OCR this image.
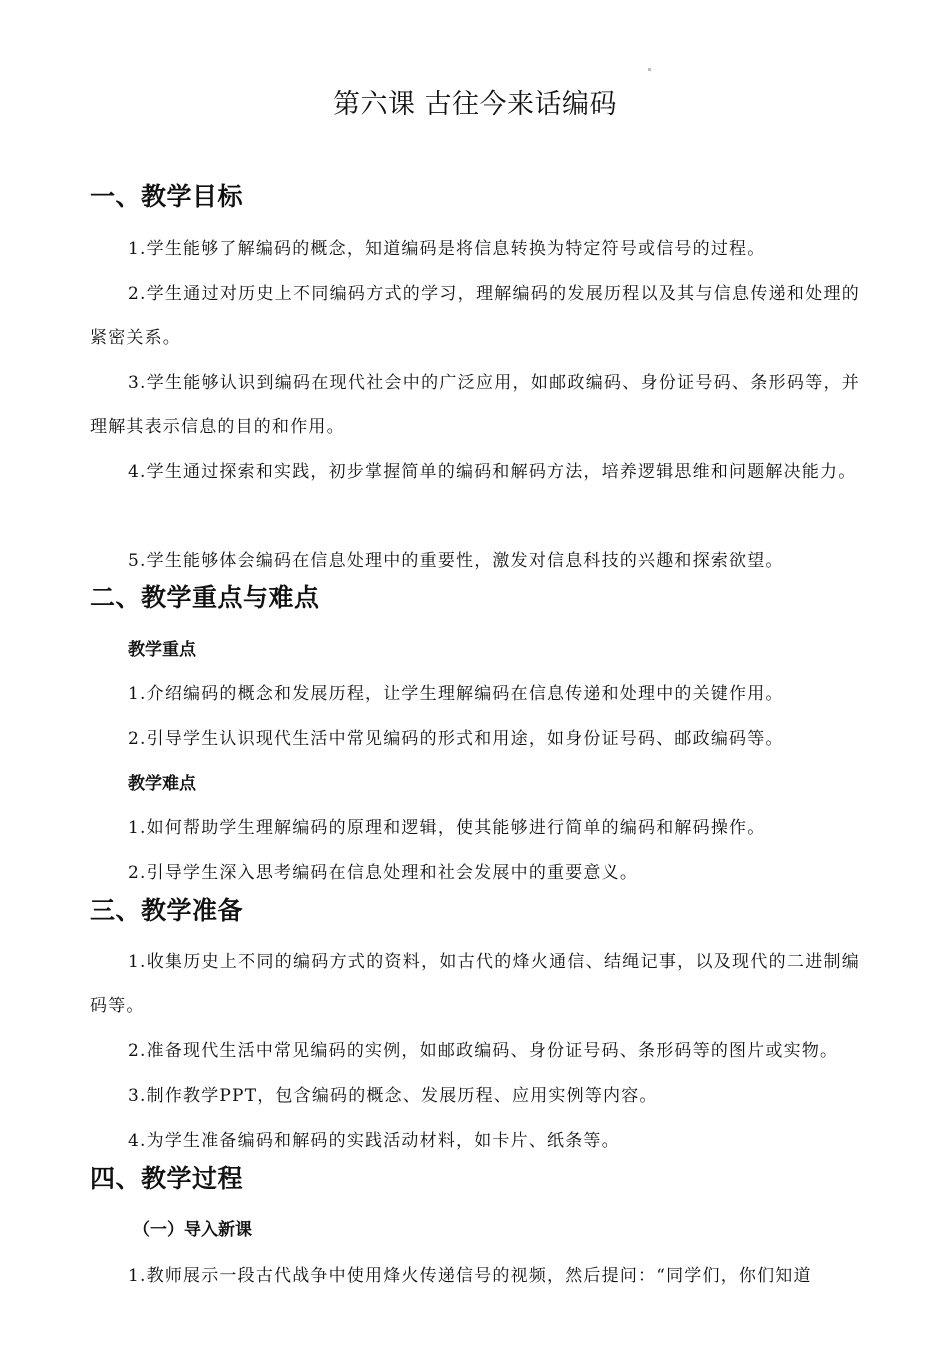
第六课 古往今来话编码
一、教学目标
1.学生能够了解编码的概念，知道编码是将信息转换为特定符号或信号的过程。
2.学生通过对历史上不同编码方式的学习，理解编码的发展历程以及其与信息传递和处理的紧密关系。
3.学生能够认识到编码在现代社会中的广泛应用，如邮政编码、身份证号码、条形码等，并理解其表示信息的目的和作用。
4.学生通过探索和实践，初步掌握简单的编码和解码方法，培养逻辑思维和问题解决能力。
5.学生能够体会编码在信息处理中的重要性，激发对信息科技的兴趣和探索欲望。
二、教学重点与难点
教学重点
1.介绍编码的概念和发展历程，让学生理解编码在信息传递和处理中的关键作用。
2.引导学生认识现代生活中常见编码的形式和用途，如身份证号码、邮政编码等。
教学难点
1.如何帮助学生理解编码的原理和逻辑，使其能够进行简单的编码和解码操作。
2.引导学生深入思考编码在信息处理和社会发展中的重要意义。
三、教学准备
1.收集历史上不同的编码方式的资料，如古代的烽火通信、结绳记事，以及现代的二进制编码等。
2.准备现代生活中常见编码的实例，如邮政编码、身份证号码、条形码等的图片或实物。
3.制作教学PPT，包含编码的概念、发展历程、应用实例等内容。
4.为学生准备编码和解码的实践活动材料，如卡片、纸条等。
四、教学过程
（一）导入新课
1.教师展示一段古代战争中使用烽火传递信号的视频，然后提问：“同学们，你们知道
